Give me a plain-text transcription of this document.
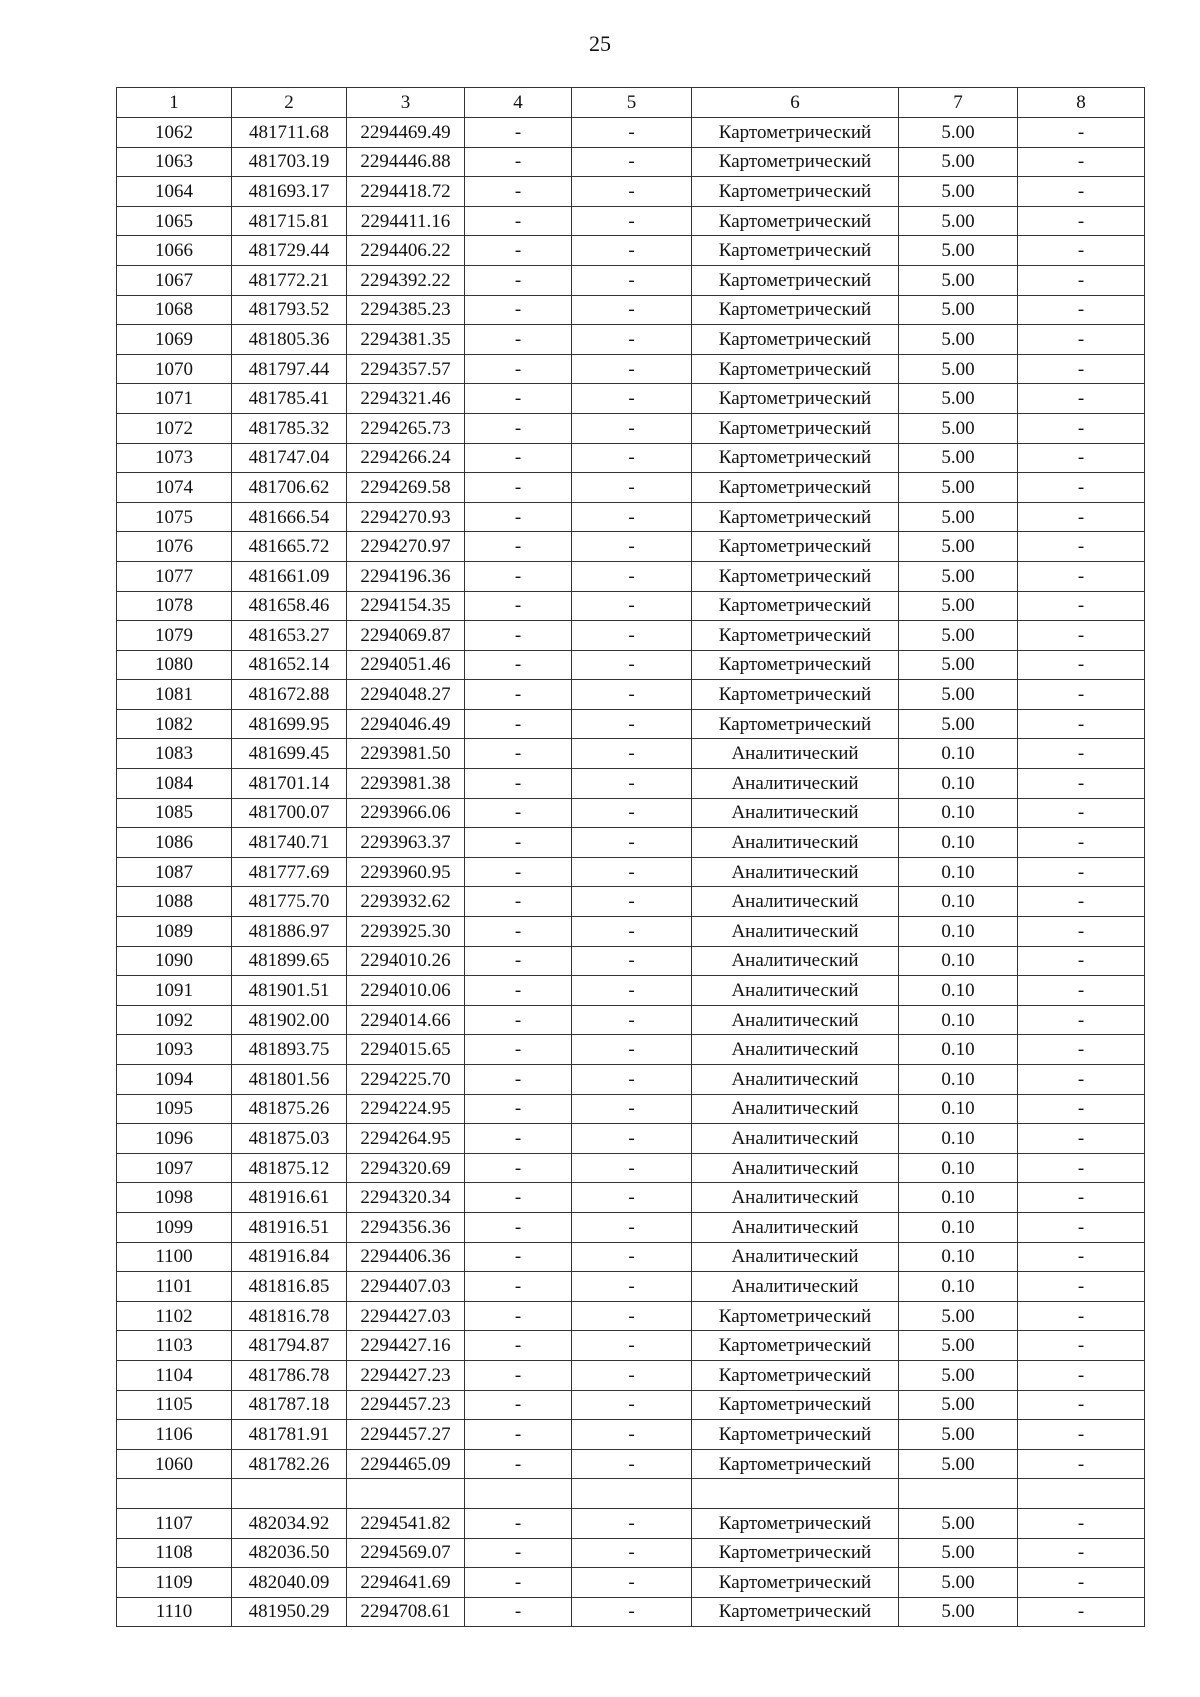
25
1	2	3	4	5	6	7	8
1062	481711.68	2294469.49	-	-	Картометрический	5.00	-
1063	481703.19	2294446.88	-	-	Картометрический	5.00	-
1064	481693.17	2294418.72	-	-	Картометрический	5.00	-
1065	481715.81	2294411.16	-	-	Картометрический	5.00	-
1066	481729.44	2294406.22	-	-	Картометрический	5.00	-
1067	481772.21	2294392.22	-	-	Картометрический	5.00	-
1068	481793.52	2294385.23	-	-	Картометрический	5.00	-
1069	481805.36	2294381.35	-	-	Картометрический	5.00	-
1070	481797.44	2294357.57	-	-	Картометрический	5.00	-
1071	481785.41	2294321.46	-	-	Картометрический	5.00	-
1072	481785.32	2294265.73	-	-	Картометрический	5.00	-
1073	481747.04	2294266.24	-	-	Картометрический	5.00	-
1074	481706.62	2294269.58	-	-	Картометрический	5.00	-
1075	481666.54	2294270.93	-	-	Картометрический	5.00	-
1076	481665.72	2294270.97	-	-	Картометрический	5.00	-
1077	481661.09	2294196.36	-	-	Картометрический	5.00	-
1078	481658.46	2294154.35	-	-	Картометрический	5.00	-
1079	481653.27	2294069.87	-	-	Картометрический	5.00	-
1080	481652.14	2294051.46	-	-	Картометрический	5.00	-
1081	481672.88	2294048.27	-	-	Картометрический	5.00	-
1082	481699.95	2294046.49	-	-	Картометрический	5.00	-
1083	481699.45	2293981.50	-	-	Аналитический	0.10	-
1084	481701.14	2293981.38	-	-	Аналитический	0.10	-
1085	481700.07	2293966.06	-	-	Аналитический	0.10	-
1086	481740.71	2293963.37	-	-	Аналитический	0.10	-
1087	481777.69	2293960.95	-	-	Аналитический	0.10	-
1088	481775.70	2293932.62	-	-	Аналитический	0.10	-
1089	481886.97	2293925.30	-	-	Аналитический	0.10	-
1090	481899.65	2294010.26	-	-	Аналитический	0.10	-
1091	481901.51	2294010.06	-	-	Аналитический	0.10	-
1092	481902.00	2294014.66	-	-	Аналитический	0.10	-
1093	481893.75	2294015.65	-	-	Аналитический	0.10	-
1094	481801.56	2294225.70	-	-	Аналитический	0.10	-
1095	481875.26	2294224.95	-	-	Аналитический	0.10	-
1096	481875.03	2294264.95	-	-	Аналитический	0.10	-
1097	481875.12	2294320.69	-	-	Аналитический	0.10	-
1098	481916.61	2294320.34	-	-	Аналитический	0.10	-
1099	481916.51	2294356.36	-	-	Аналитический	0.10	-
1100	481916.84	2294406.36	-	-	Аналитический	0.10	-
1101	481816.85	2294407.03	-	-	Аналитический	0.10	-
1102	481816.78	2294427.03	-	-	Картометрический	5.00	-
1103	481794.87	2294427.16	-	-	Картометрический	5.00	-
1104	481786.78	2294427.23	-	-	Картометрический	5.00	-
1105	481787.18	2294457.23	-	-	Картометрический	5.00	-
1106	481781.91	2294457.27	-	-	Картометрический	5.00	-
1060	481782.26	2294465.09	-	-	Картометрический	5.00	-

1107	482034.92	2294541.82	-	-	Картометрический	5.00	-
1108	482036.50	2294569.07	-	-	Картометрический	5.00	-
1109	482040.09	2294641.69	-	-	Картометрический	5.00	-
1110	481950.29	2294708.61	-	-	Картометрический	5.00	-
